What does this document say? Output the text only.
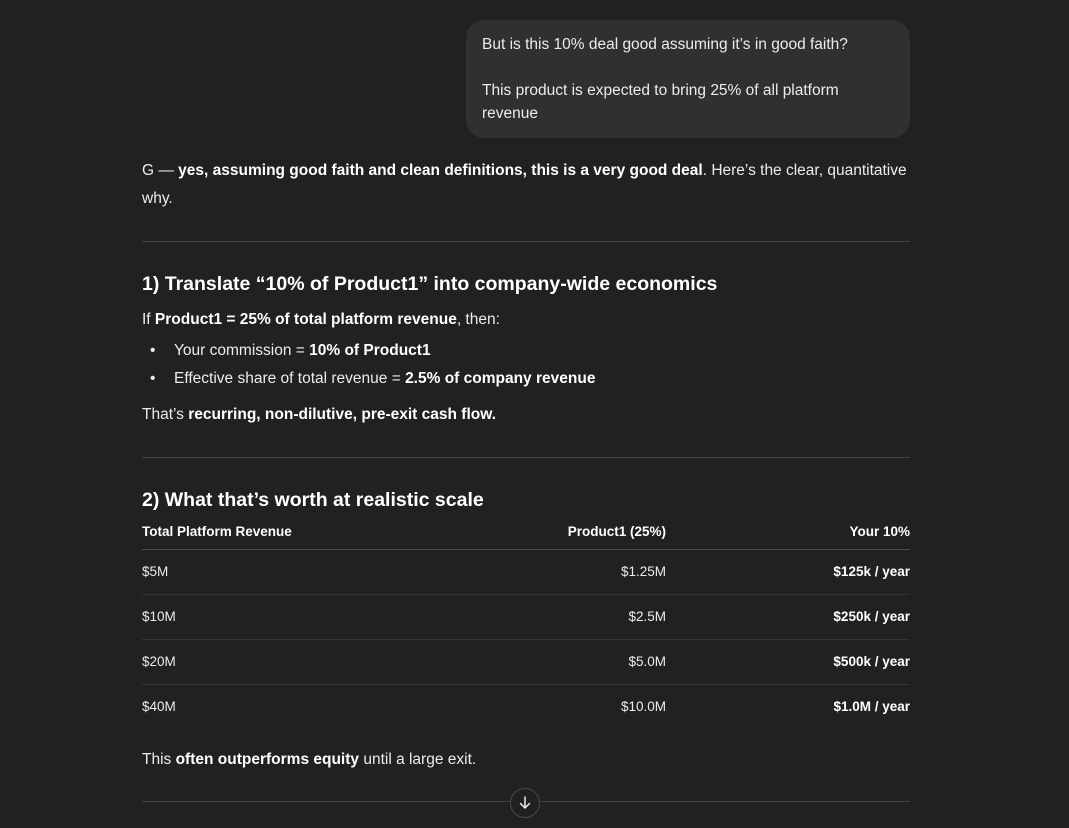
But is this 10% deal good assuming it’s in good faith?

This product is expected to bring 25% of all platform revenue

G — yes, assuming good faith and clean definitions, this is a very good deal. Here’s the clear, quantitative why.

1) Translate “10% of Product1” into company-wide economics

If Product1 = 25% of total platform revenue, then:

• Your commission = 10% of Product1
• Effective share of total revenue = 2.5% of company revenue

That’s recurring, non-dilutive, pre-exit cash flow.

2) What that’s worth at realistic scale
Total Platform Revenue	Product1 (25%)	Your 10%
$5M	$1.25M	$125k / year
$10M	$2.5M	$250k / year
$20M	$5.0M	$500k / year
$40M	$10.0M	$1.0M / year

This often outperforms equity until a large exit.
